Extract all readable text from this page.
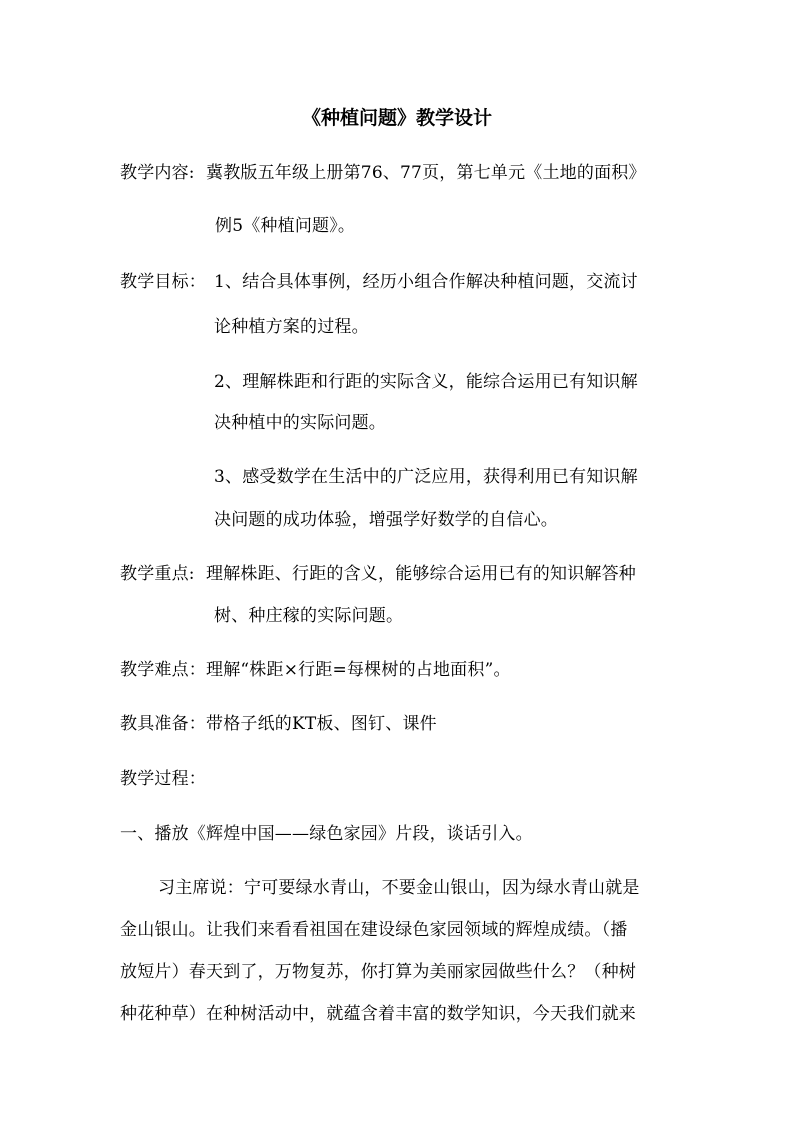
《种植问题》教学设计
教学内容: 冀教版五年级上册第76、77页，第七单元《土地的面积》
例5《种植问题》。
教学目标： 1、结合具体事例，经历小组合作解决种植问题，交流讨
论种植方案的过程。
2、理解株距和行距的实际含义，能综合运用已有知识解
决种植中的实际问题。
3、感受数学在生活中的广泛应用，获得利用已有知识解
决问题的成功体验，增强学好数学的自信心。
教学重点: 理解株距、行距的含义，能够综合运用已有的知识解答种
树、种庄稼的实际问题。
教学难点：理解“株距×行距=每棵树的占地面积”。
教具准备：带格子纸的KT板、图钉、课件
教学过程：
一、播放《辉煌中国——绿色家园》片段，谈话引入。
习主席说：宁可要绿水青山，不要金山银山，因为绿水青山就是
金山银山。让我们来看看祖国在建设绿色家园领域的辉煌成绩。（播
放短片）春天到了，万物复苏，你打算为美丽家园做些什么？（种树
种花种草）在种树活动中，就蕴含着丰富的数学知识，今天我们就来
